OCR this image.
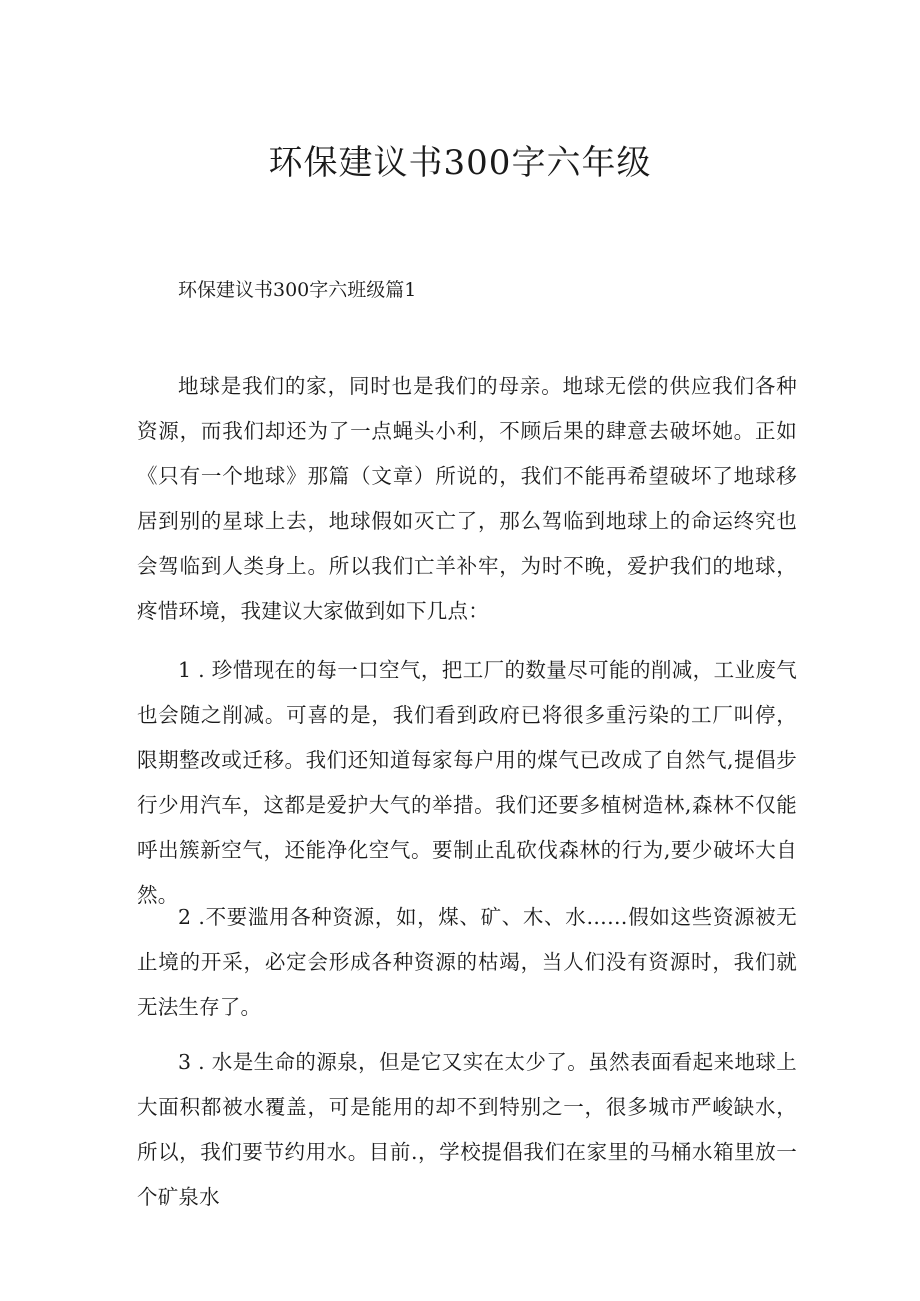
环保建议书300字六年级

环保建议书300字六班级篇1

地球是我们的家，同时也是我们的母亲。地球无偿的供应我们各种资源，而我们却还为了一点蝇头小利，不顾后果的肆意去破坏她。正如《只有一个地球》那篇（文章）所说的，我们不能再希望破坏了地球移居到别的星球上去，地球假如灭亡了，那么驾临到地球上的命运终究也会驾临到人类身上。所以我们亡羊补牢，为时不晚，爱护我们的地球，疼惜环境，我建议大家做到如下几点：

1 . 珍惜现在的每一口空气，把工厂的数量尽可能的削减，工业废气也会随之削减。可喜的是，我们看到政府已将很多重污染的工厂叫停，限期整改或迁移。我们还知道每家每户用的煤气已改成了自然气,提倡步行少用汽车，这都是爱护大气的举措。我们还要多植树造林,森林不仅能呼出簇新空气，还能净化空气。要制止乱砍伐森林的行为,要少破坏大自然。

2 .不要滥用各种资源，如，煤、矿、木、水……假如这些资源被无止境的开采，必定会形成各种资源的枯竭，当人们没有资源时，我们就无法生存了。

3 . 水是生命的源泉，但是它又实在太少了。虽然表面看起来地球上大面积都被水覆盖，可是能用的却不到特别之一，很多城市严峻缺水，所以，我们要节约用水。目前.，学校提倡我们在家里的马桶水箱里放一个矿泉水
